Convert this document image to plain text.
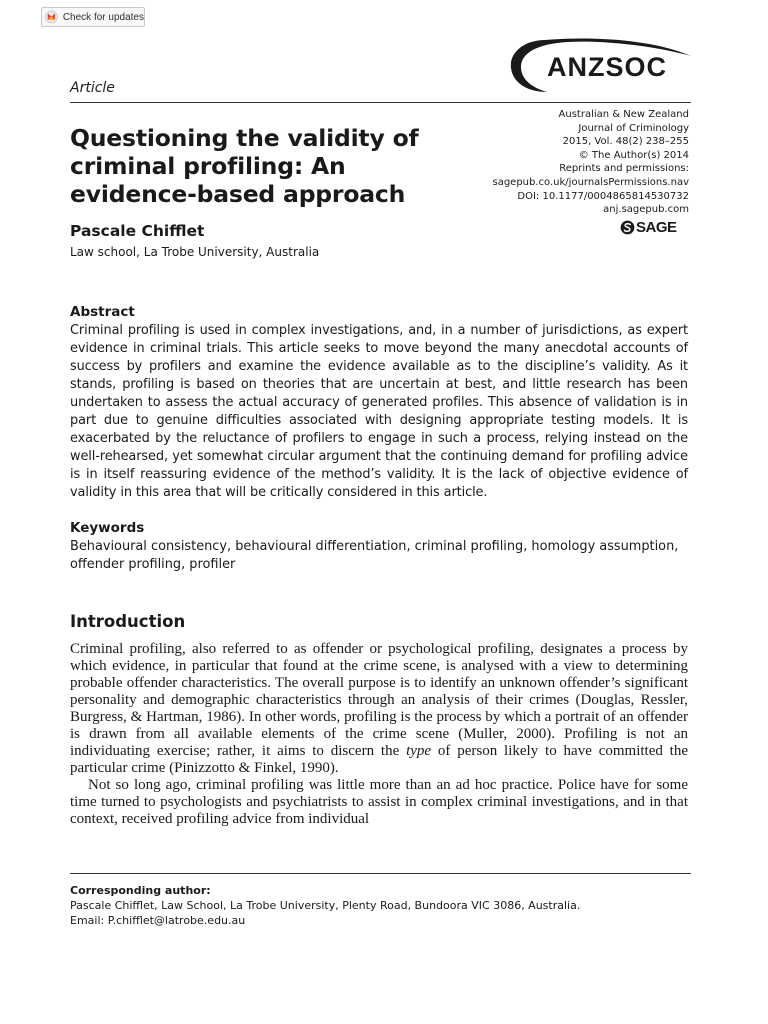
Check for updates
ANZSOC
Article
Questioning the validity of criminal profiling: An evidence-based approach
Australian & New Zealand
Journal of Criminology
2015, Vol. 48(2) 238–255
© The Author(s) 2014
Reprints and permissions:
sagepub.co.uk/journalsPermissions.nav
DOI: 10.1177/0004865814530732
anj.sagepub.com
SAGE
Pascale Chifflet
Law school, La Trobe University, Australia
Abstract

Criminal profiling is used in complex investigations, and, in a number of jurisdictions, as expert evidence in criminal trials. This article seeks to move beyond the many anecdotal accounts of success by profilers and examine the evidence available as to the discipline’s validity. As it stands, profiling is based on theories that are uncertain at best, and little research has been undertaken to assess the actual accuracy of generated profiles. This absence of validation is in part due to genuine difficulties associated with designing appropriate testing models. It is exacerbated by the reluctance of profilers to engage in such a process, relying instead on the well-rehearsed, yet somewhat circular argument that the continuing demand for profiling advice is in itself reassuring evidence of the method’s validity. It is the lack of objective evidence of validity in this area that will be critically considered in this article.

Keywords

Behavioural consistency, behavioural differentiation, criminal profiling, homology assumption, offender profiling, profiler

Introduction

Criminal profiling, also referred to as offender or psychological profiling, designates a process by which evidence, in particular that found at the crime scene, is analysed with a view to determining probable offender characteristics. The overall purpose is to identify an unknown offender’s significant personality and demographic characteristics through an analysis of their crimes (Douglas, Ressler, Burgress, & Hartman, 1986). In other words, profiling is the process by which a portrait of an offender is drawn from all available elements of the crime scene (Muller, 2000). Profiling is not an individuating exercise; rather, it aims to discern the type of person likely to have committed the particular crime (Pinizzotto & Finkel, 1990).

Not so long ago, criminal profiling was little more than an ad hoc practice. Police have for some time turned to psychologists and psychiatrists to assist in complex criminal investigations, and in that context, received profiling advice from individual

Corresponding author:
Pascale Chifflet, Law School, La Trobe University, Plenty Road, Bundoora VIC 3086, Australia.
Email: P.chifflet@latrobe.edu.au
